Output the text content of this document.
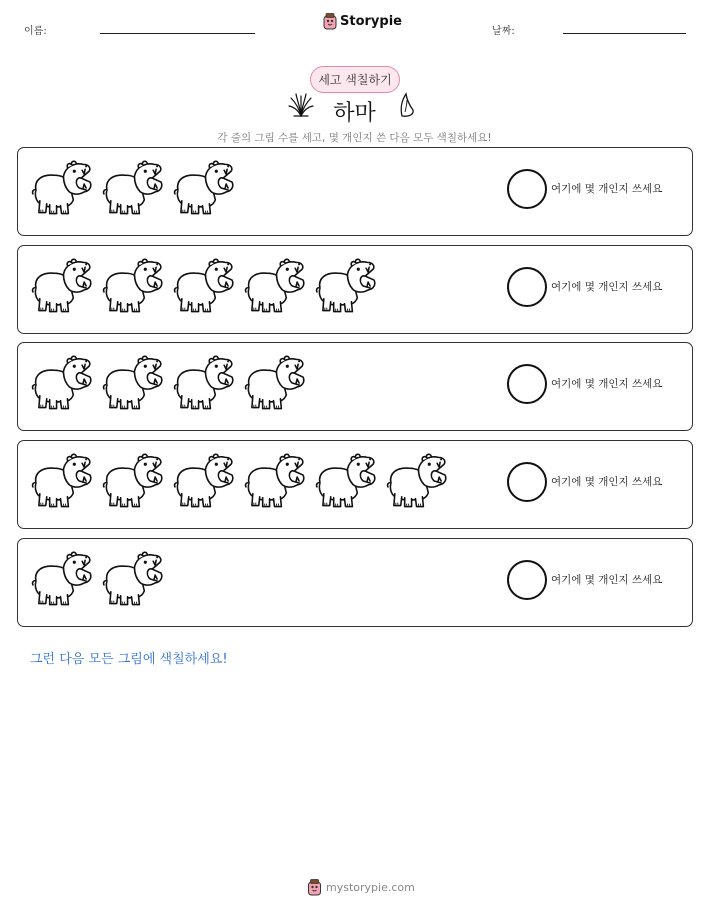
이름:
Storypie
날짜:
세고 색칠하기
하마
각 줄의 그림 수를 세고, 몇 개인지 쓴 다음 모두 색칠하세요!
여기에 몇 개인지 쓰세요
여기에 몇 개인지 쓰세요
여기에 몇 개인지 쓰세요
여기에 몇 개인지 쓰세요
여기에 몇 개인지 쓰세요
그런 다음 모든 그림에 색칠하세요!
mystorypie.com
